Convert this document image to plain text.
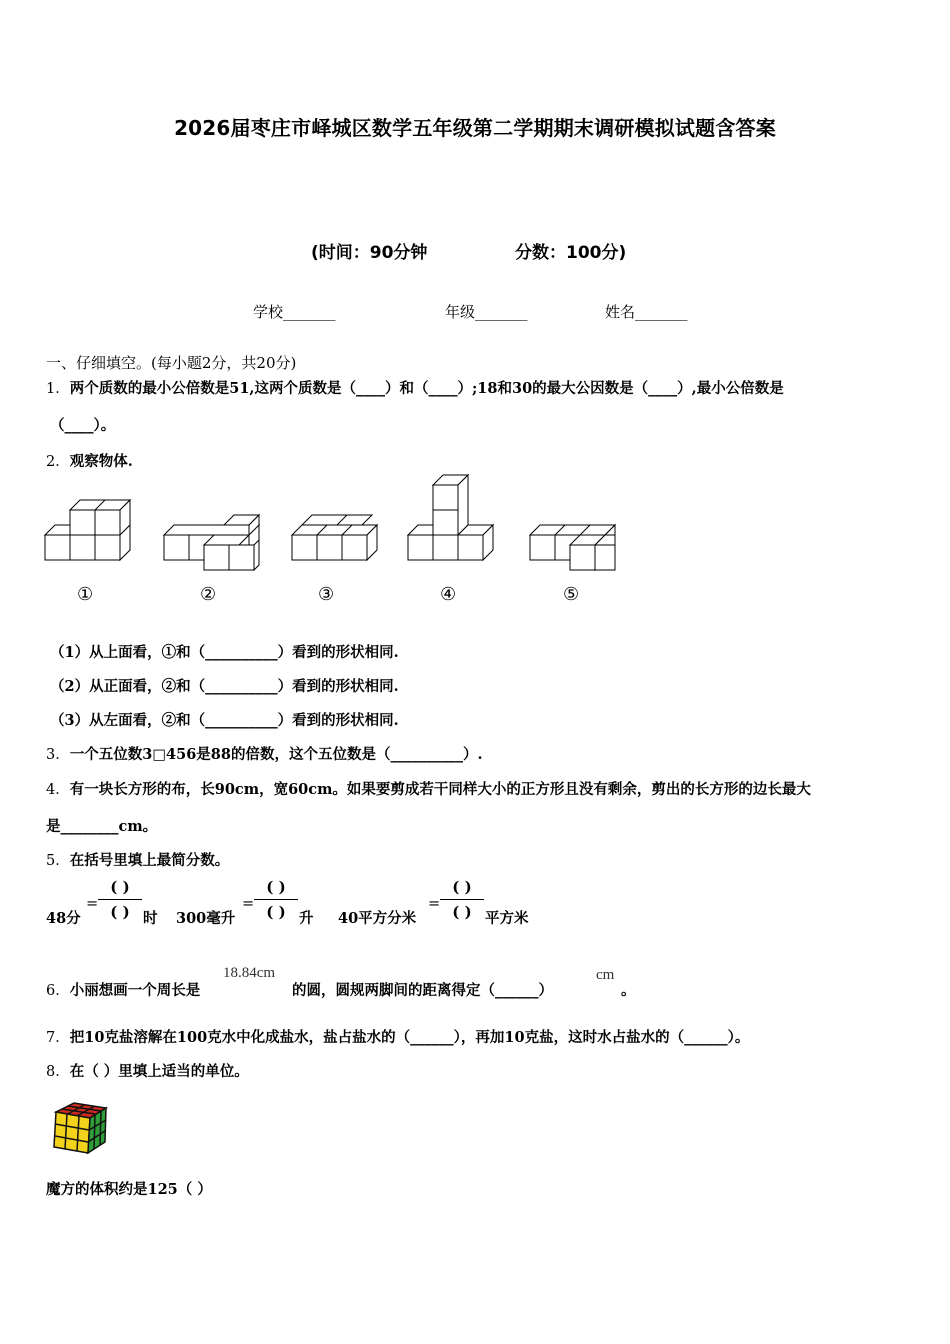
2026届枣庄市峄城区数学五年级第二学期期末调研模拟试题含答案
(时间：90分钟	分数：100分)
学校_______	年级_______	姓名_______
一、仔细填空。(每小题2分，共20分)
1．两个质数的最小公倍数是51,这两个质数是（____）和（____）;18和30的最大公因数是（____）,最小公倍数是
（____）。
2．观察物体.
①	②	③	④	⑤
（1）从上面看，①和（__________）看到的形状相同.
（2）从正面看，②和（__________）看到的形状相同.
（3）从左面看，②和（__________）看到的形状相同.
3．一个五位数3□456是88的倍数，这个五位数是（__________）.
4．有一块长方形的布，长90cm，宽60cm。如果要剪成若干同样大小的正方形且没有剩余，剪出的长方形的边长最大
是________cm。
5．在括号里填上最简分数。
48分
=
( )
( ) 时 300毫升
=
( )
( ) 升 40平方分米
=
( )
( ) 平方米
6．小丽想画一个周长是
18.84cm
的圆，圆规两脚间的距离得定（______）
cm
。
7．把10克盐溶解在100克水中化成盐水，盐占盐水的（______），再加10克盐，这时水占盐水的（______）。
8．在（ ）里填上适当的单位。
魔方的体积约是125（ ）
